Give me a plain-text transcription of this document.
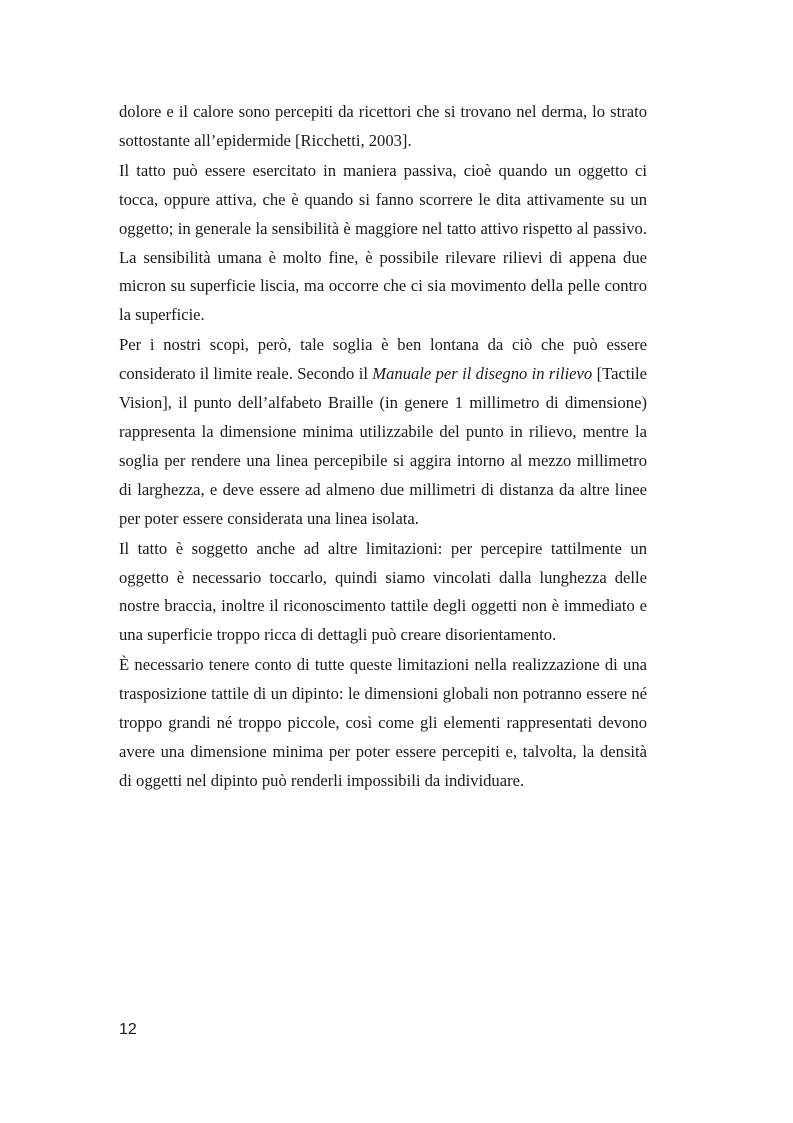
dolore e il calore sono percepiti da ricettori che si trovano nel derma, lo strato sottostante all’epidermide [Ricchetti, 2003].

Il tatto può essere esercitato in maniera passiva, cioè quando un oggetto ci tocca, oppure attiva, che è quando si fanno scorrere le dita attivamente su un oggetto; in generale la sensibilità è maggiore nel tatto attivo rispetto al passivo. La sensibilità umana è molto fine, è possibile rilevare rilievi di appena due micron su superficie liscia, ma occorre che ci sia movimento della pelle contro la superficie.

Per i nostri scopi, però, tale soglia è ben lontana da ciò che può essere considerato il limite reale. Secondo il Manuale per il disegno in rilievo [Tactile Vision], il punto dell’alfabeto Braille (in genere 1 millimetro di dimensione) rappresenta la dimensione minima utilizzabile del punto in rilievo, mentre la soglia per rendere una linea percepibile si aggira intorno al mezzo millimetro di larghezza, e deve essere ad almeno due millimetri di distanza da altre linee per poter essere considerata una linea isolata.

Il tatto è soggetto anche ad altre limitazioni: per percepire tattilmente un oggetto è necessario toccarlo, quindi siamo vincolati dalla lunghezza delle nostre braccia, inoltre il riconoscimento tattile degli oggetti non è immediato e una superficie troppo ricca di dettagli può creare disorientamento.

È necessario tenere conto di tutte queste limitazioni nella realizzazione di una trasposizione tattile di un dipinto: le dimensioni globali non potranno essere né troppo grandi né troppo piccole, così come gli elementi rappresentati devono avere una dimensione minima per poter essere percepiti e, talvolta, la densità di oggetti nel dipinto può renderli impossibili da individuare.

12
